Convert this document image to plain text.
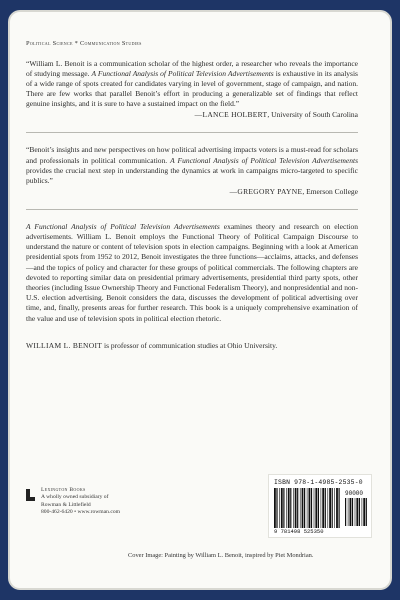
Political Science * Communication Studies

“William L. Benoit is a communication scholar of the highest order, a researcher who reveals the importance of studying message. A Functional Analysis of Political Television Advertisements is exhaustive in its analysis of a wide range of spots created for candidates varying in level of government, stage of campaign, and nation. There are few works that parallel Benoit’s effort in producing a generalizable set of findings that reflect genuine insights, and it is sure to have a sustained impact on the field.”

—LANCE HOLBERT, University of South Carolina

“Benoit’s insights and new perspectives on how political advertising impacts voters is a must-read for scholars and professionals in political communication. A Functional Analysis of Political Television Advertisements provides the crucial next step in understanding the dynamics at work in campaigns micro-targeted to specific publics.”

—GREGORY PAYNE, Emerson College

A Functional Analysis of Political Television Advertisements examines theory and research on election advertisements. William L. Benoit employs the Functional Theory of Political Campaign Discourse to understand the nature or content of television spots in election campaigns. Beginning with a look at American presidential spots from 1952 to 2012, Benoit investigates the three functions—acclaims, attacks, and defenses—and the topics of policy and character for these groups of political commercials. The following chapters are devoted to reporting similar data on presidential primary advertisements, presidential third party spots, other theories (including Issue Ownership Theory and Functional Federalism Theory), and nonpresidential and non-U.S. election advertising. Benoit considers the data, discusses the development of political advertising over time, and, finally, presents areas for further research. This book is a uniquely comprehensive examination of the value and use of television spots in political election rhetoric.

WILLIAM L. BENOIT is professor of communication studies at Ohio University.

Lexington Books
A wholly owned subsidiary of
Rowman & Littlefield
800-462-6420 • www.rowman.com
ISBN 978-1-4985-2535-0
9 781498 525350
90000
Cover Image: Painting by William L. Benoit, inspired by Piet Mondrian.
